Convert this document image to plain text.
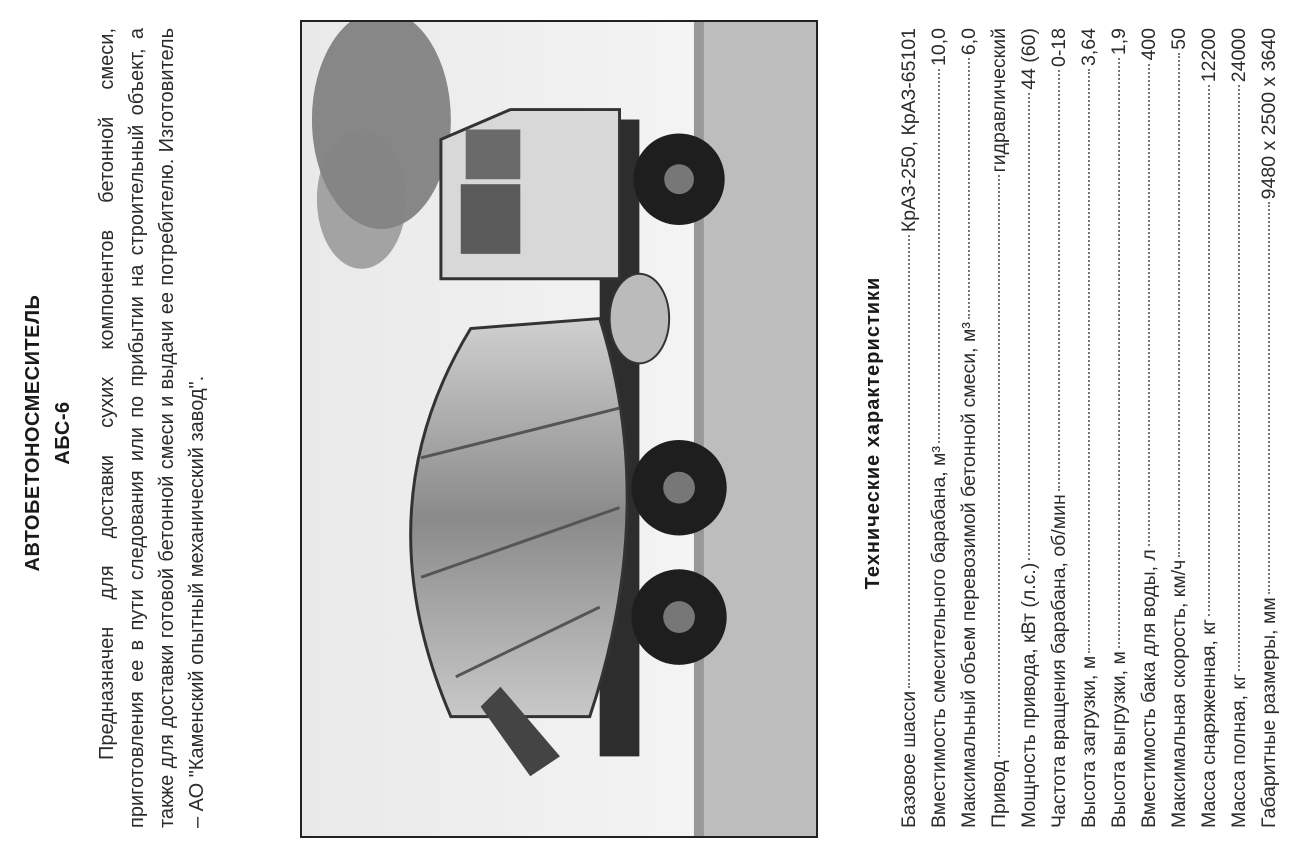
АВТОБЕТОНОСМЕСИТЕЛЬ АБС-6 Предназначен для доставки сухих компонентов бетонной смеси, приготовления ее в пути следования или по прибытии на строительный объект, а также для доставки готовой бетонной смеси и выдачи ее потребителю. Изготовитель – АО "Каменский опытный механический завод".	Технические характеристики
Базовое шасси
КрАЗ-250, КрАЗ-65101
Вместимость смесительного барабана, м³
10,0
Максимальный объем перевозимой бетонной смеси, м³
6,0
Привод
гидравлический
Мощность привода, кВт (л.с.)
44 (60)
Частота вращения барабана, об/мин
0-18
Высота загрузки, м
3,64
Высота выгрузки, м
1,9
Вместимость бака для воды, л
400
Максимальная скорость, км/ч
50
Масса снаряженная, кг
12200
Масса полная, кг
24000
Габаритные размеры, мм
9480 х 2500 х 3640
